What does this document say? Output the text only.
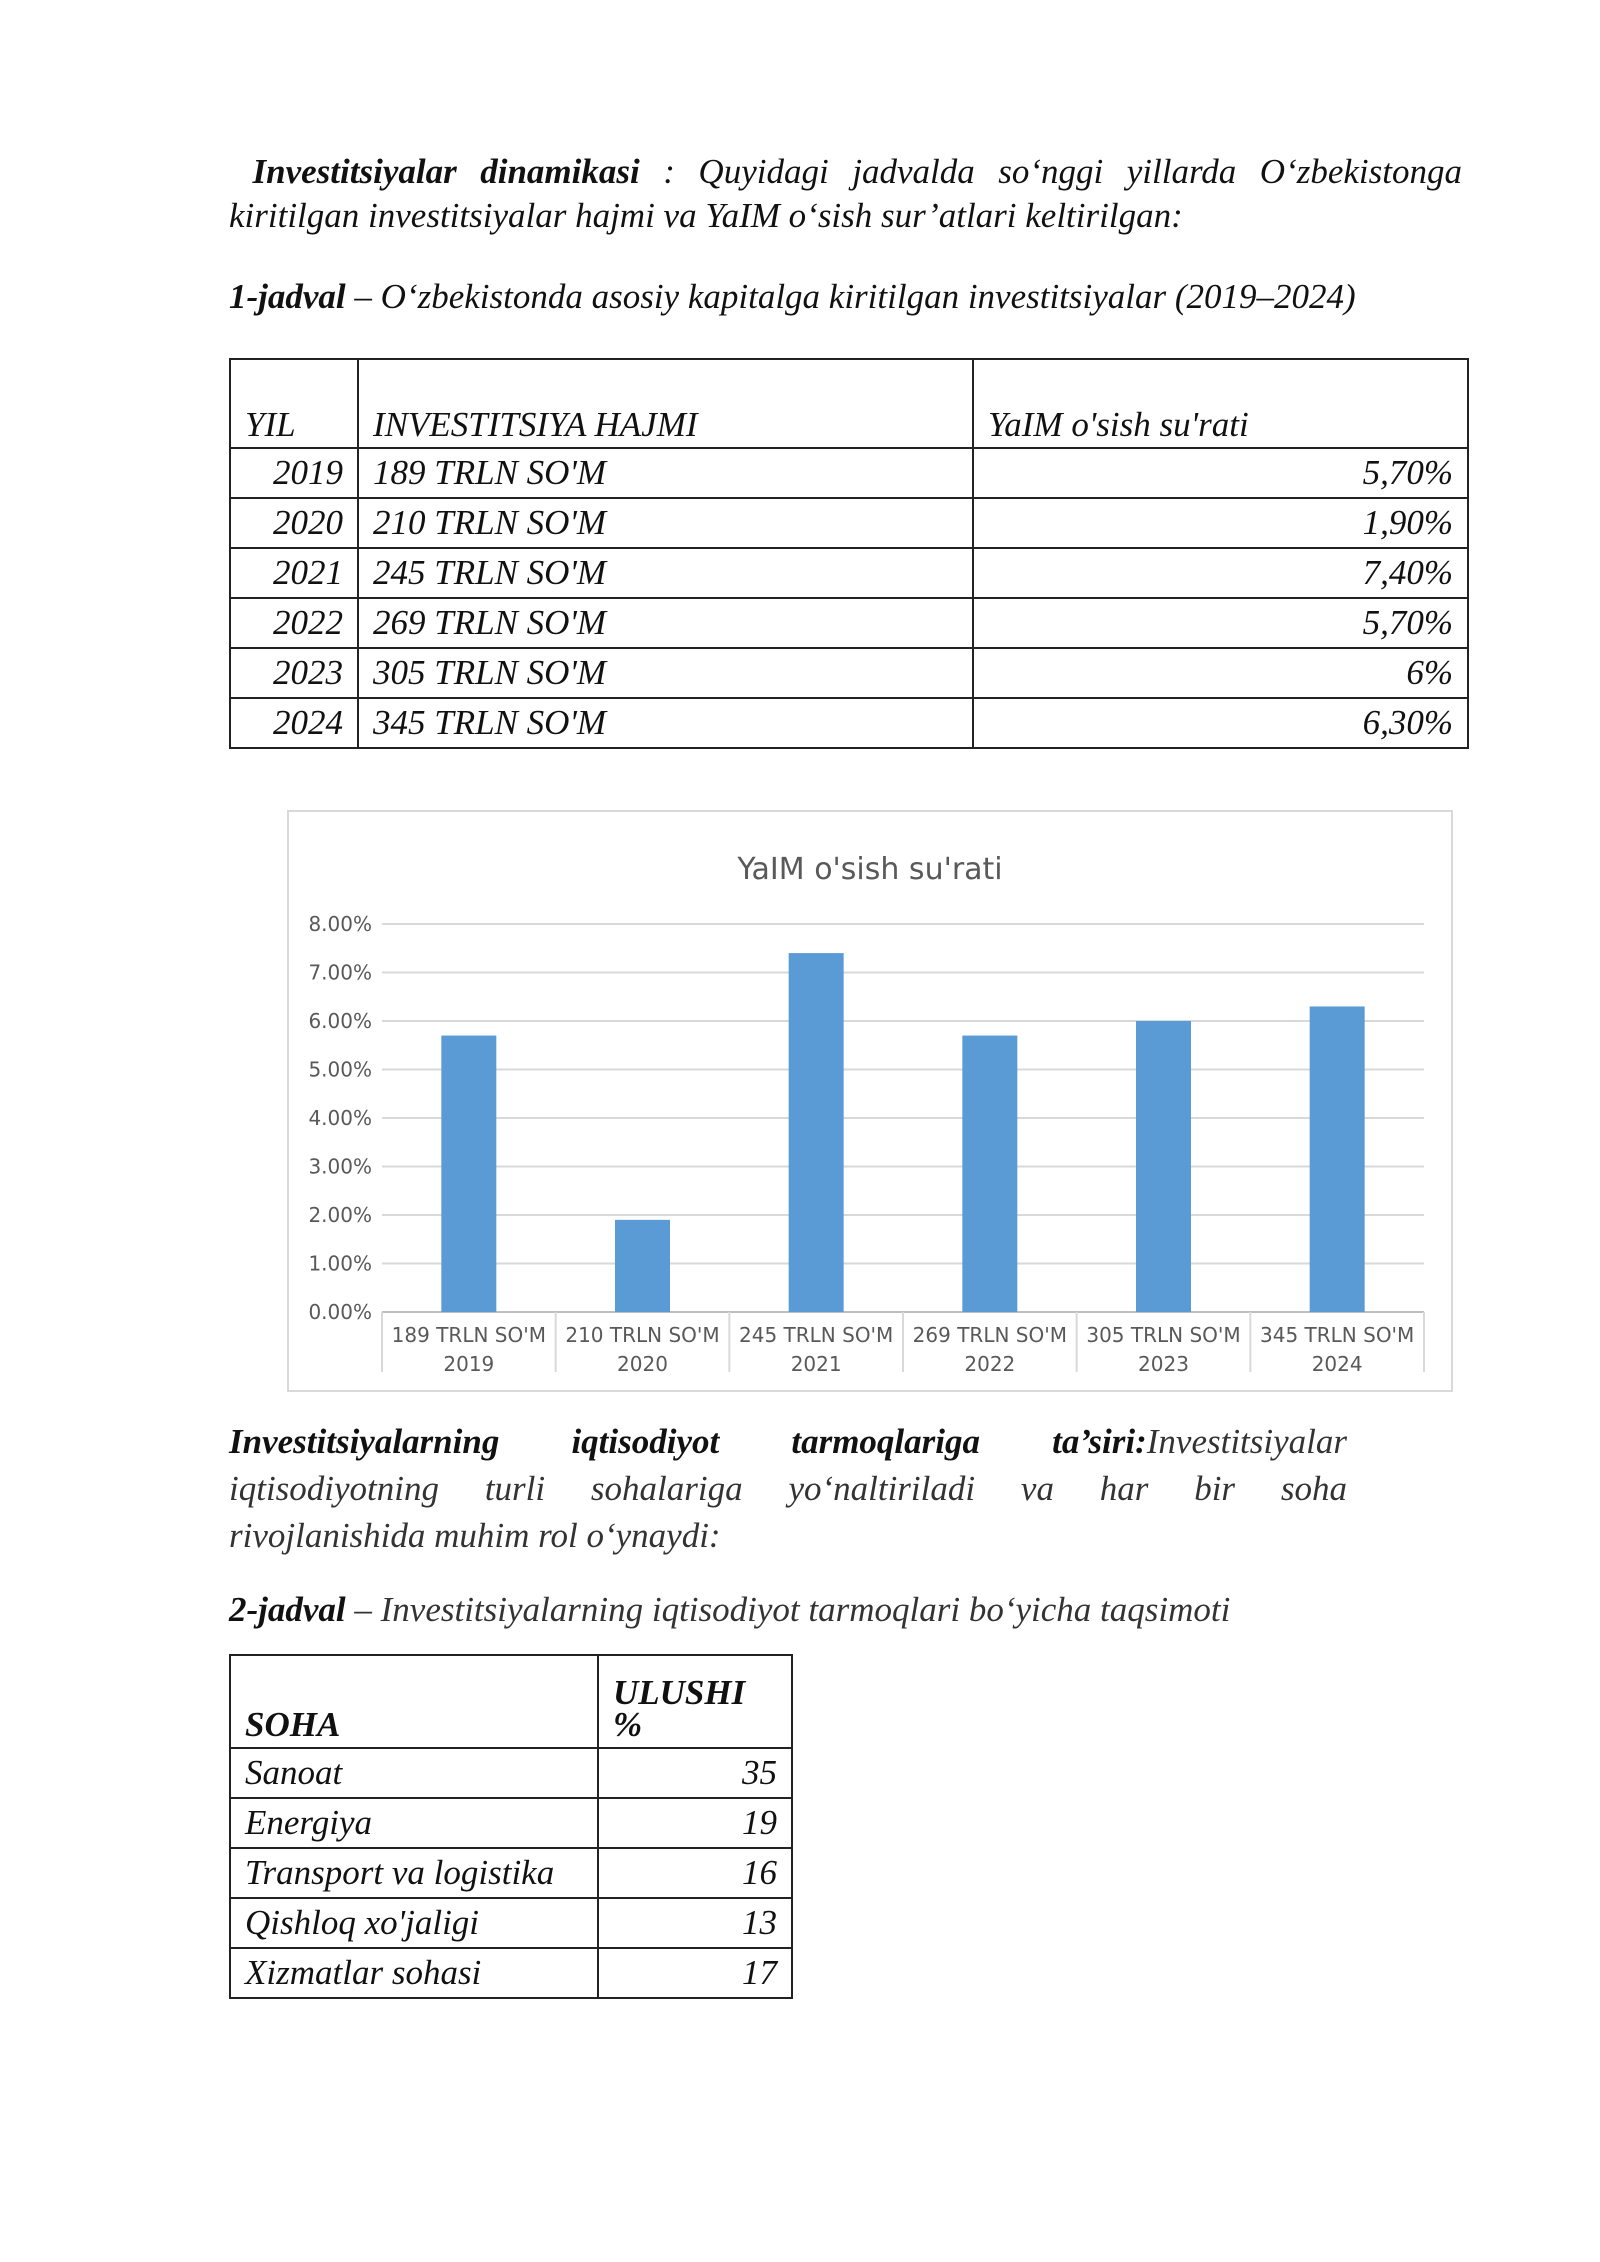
Investitsiyalar dinamikasi : Quyidagi jadvalda so‘nggi yillarda O‘zbekistonga kiritilgan investitsiyalar hajmi va YaIM o‘sish sur’atlari keltirilgan:
1-jadval – O‘zbekistonda asosiy kapitalga kiritilgan investitsiyalar (2019–2024)
YIL	INVESTITSIYA HAJMI	YaIM o'sish su'rati
2019	189 TRLN SO'M	5,70%
2020	210 TRLN SO'M	1,90%
2021	245 TRLN SO'M	7,40%
2022	269 TRLN SO'M	5,70%
2023	305 TRLN SO'M	6%
2024	345 TRLN SO'M	6,30%
YaIM o'sish su'rati
0.00%
1.00%
2.00%
3.00%
4.00%
5.00%
6.00%
7.00%
8.00%
189 TRLN SO'M
2019
210 TRLN SO'M
2020
245 TRLN SO'M
2021
269 TRLN SO'M
2022
305 TRLN SO'M
2023
345 TRLN SO'M
2024
Investitsiyalarning iqtisodiyot tarmoqlariga ta’siri:Investitsiyalar
iqtisodiyotning turli sohalariga yo‘naltiriladi va har bir soha
rivojlanishida muhim rol o‘ynaydi:
2-jadval – Investitsiyalarning iqtisodiyot tarmoqlari bo‘yicha taqsimoti
SOHA	ULUSHI
%
Sanoat	35
Energiya	19
Transport va logistika	16
Qishloq xo'jaligi	13
Xizmatlar sohasi	17
